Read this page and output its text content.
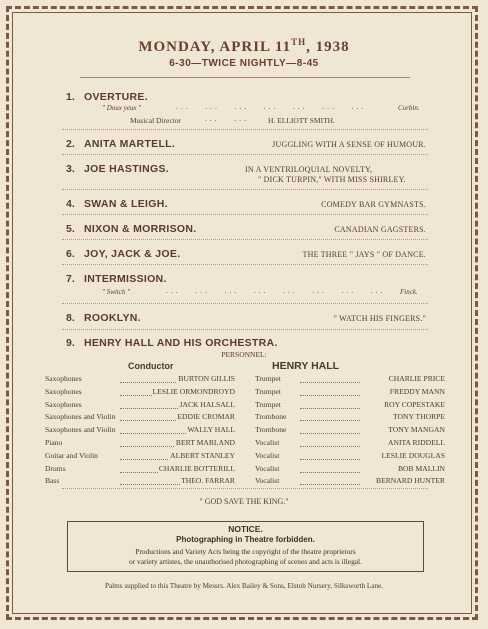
MONDAY, APRIL 11TH, 1938
6-30—TWICE NIGHTLY—8-45
1. OVERTURE.
" Doux yeux "	...   ...   ...   ...   ...   ...   ...	Corbin.
Musical Director	...   ...	H. ELLIOTT SMITH.
2. ANITA MARTELL.	JUGGLING WITH A SENSE OF HUMOUR.
3. JOE HASTINGS.	IN A VENTRILOQUIAL NOVELTY,
" DICK TURPIN," WITH MISS SHIRLEY.
4. SWAN & LEIGH.	COMEDY BAR GYMNASTS.
5. NIXON & MORRISON.	CANADIAN GAGSTERS.
6. JOY, JACK & JOE.	THE THREE " JAYS " OF DANCE.
7. INTERMISSION.
" Switch "	...   ...   ...   ...   ...   ...   ...   ... Finck.
8. ROOKLYN.	" WATCH HIS FINGERS."
9. HENRY HALL AND HIS ORCHESTRA.
PERSONNEL:
Conductor	HENRY HALL
Saxophones	BURTON GILLIS
Saxophones	LESLIE ORMONDROYD
Saxophones	JACK HALSALL
Saxophones and Violin	EDDIE CROMAR
Saxophones and Violin	WALLY HALL
Piano	BERT MARLAND
Guitar and Violin	ALBERT STANLEY
Drums	CHARLIE BOTTERILL
Bass	THEO. FARRAR
Trumpet	CHARLIE PRICE
Trumpet	FREDDY MANN
Trumpet	ROY COPESTAKE
Trombone	TONY THORPE
Trombone	TONY MANGAN
Vocalist	ANITA RIDDELL
Vocalist	LESLIE DOUGLAS
Vocalist	BOB MALLIN
Vocalist	BERNARD HUNTER
" GOD SAVE THE KING."
NOTICE.
Photographing in Theatre forbidden.
Productions and Variety Acts being the copyright of the theatre proprietors
or variety artistes, the unauthorised photographing of scenes and acts is illegal.
Palms supplied to this Theatre by Messrs. Alex Bailey & Sons, Elstob Nursery, Silksworth Lane.
